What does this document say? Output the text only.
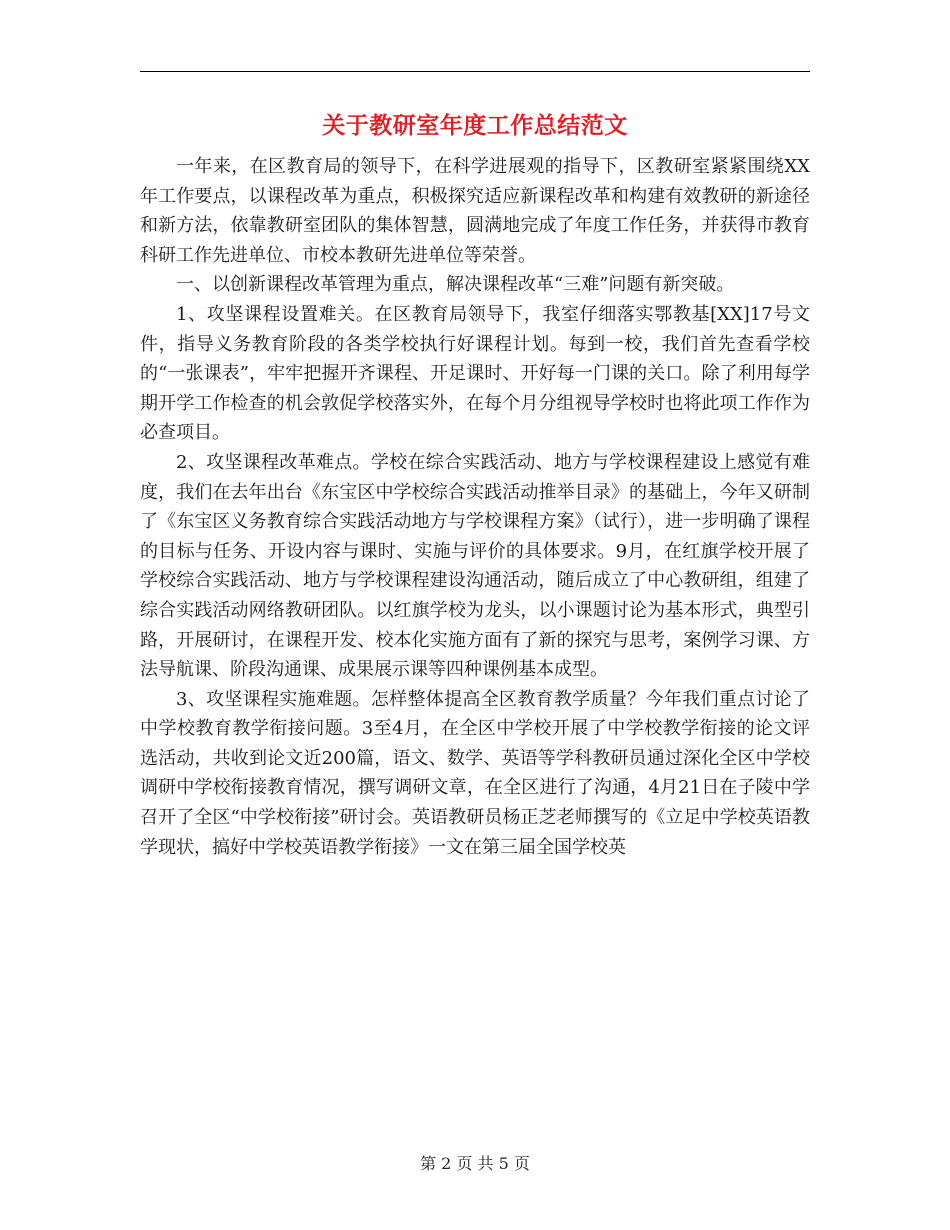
关于教研室年度工作总结范文

一年来，在区教育局的领导下，在科学进展观的指导下，区教研室紧紧围绕XX年工作要点，以课程改革为重点，积极探究适应新课程改革和构建有效教研的新途径和新方法，依靠教研室团队的集体智慧，圆满地完成了年度工作任务，并获得市教育科研工作先进单位、市校本教研先进单位等荣誉。

一、以创新课程改革管理为重点，解决课程改革“三难”问题有新突破。

1、攻坚课程设置难关。在区教育局领导下，我室仔细落实鄂教基[XX]17号文件，指导义务教育阶段的各类学校执行好课程计划。每到一校，我们首先查看学校的“一张课表”，牢牢把握开齐课程、开足课时、开好每一门课的关口。除了利用每学期开学工作检查的机会敦促学校落实外，在每个月分组视导学校时也将此项工作作为必查项目。

2、攻坚课程改革难点。学校在综合实践活动、地方与学校课程建设上感觉有难度，我们在去年出台《东宝区中学校综合实践活动推举目录》的基础上，今年又研制了《东宝区义务教育综合实践活动地方与学校课程方案》（试行），进一步明确了课程的目标与任务、开设内容与课时、实施与评价的具体要求。9月，在红旗学校开展了学校综合实践活动、地方与学校课程建设沟通活动，随后成立了中心教研组，组建了综合实践活动网络教研团队。以红旗学校为龙头，以小课题讨论为基本形式，典型引路，开展研讨，在课程开发、校本化实施方面有了新的探究与思考，案例学习课、方法导航课、阶段沟通课、成果展示课等四种课例基本成型。

3、攻坚课程实施难题。怎样整体提高全区教育教学质量？今年我们重点讨论了中学校教育教学衔接问题。3至4月，在全区中学校开展了中学校教学衔接的论文评选活动，共收到论文近200篇，语文、数学、英语等学科教研员通过深化全区中学校调研中学校衔接教育情况，撰写调研文章，在全区进行了沟通，4月21日在子陵中学召开了全区“中学校衔接”研讨会。英语教研员杨正芝老师撰写的《立足中学校英语教学现状，搞好中学校英语教学衔接》一文在第三届全国学校英

第 2 页 共 5 页
